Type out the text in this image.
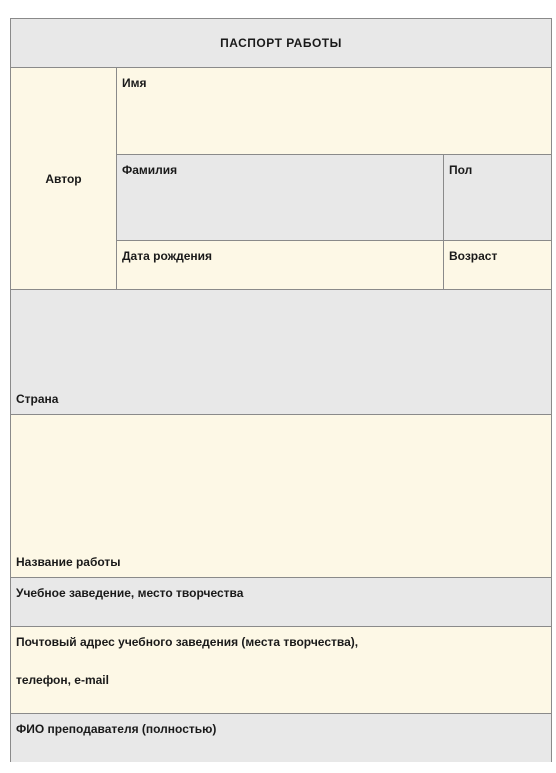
ПАСПОРТ РАБОТЫ
Автор
Имя
Фамилия	Пол
Дата рождения	Возраст
Страна
Название работы
Учебное заведение, место творчества
Почтовый адрес учебного заведения (места творчества),
телефон, e-mail
ФИО преподавателя (полностью)
